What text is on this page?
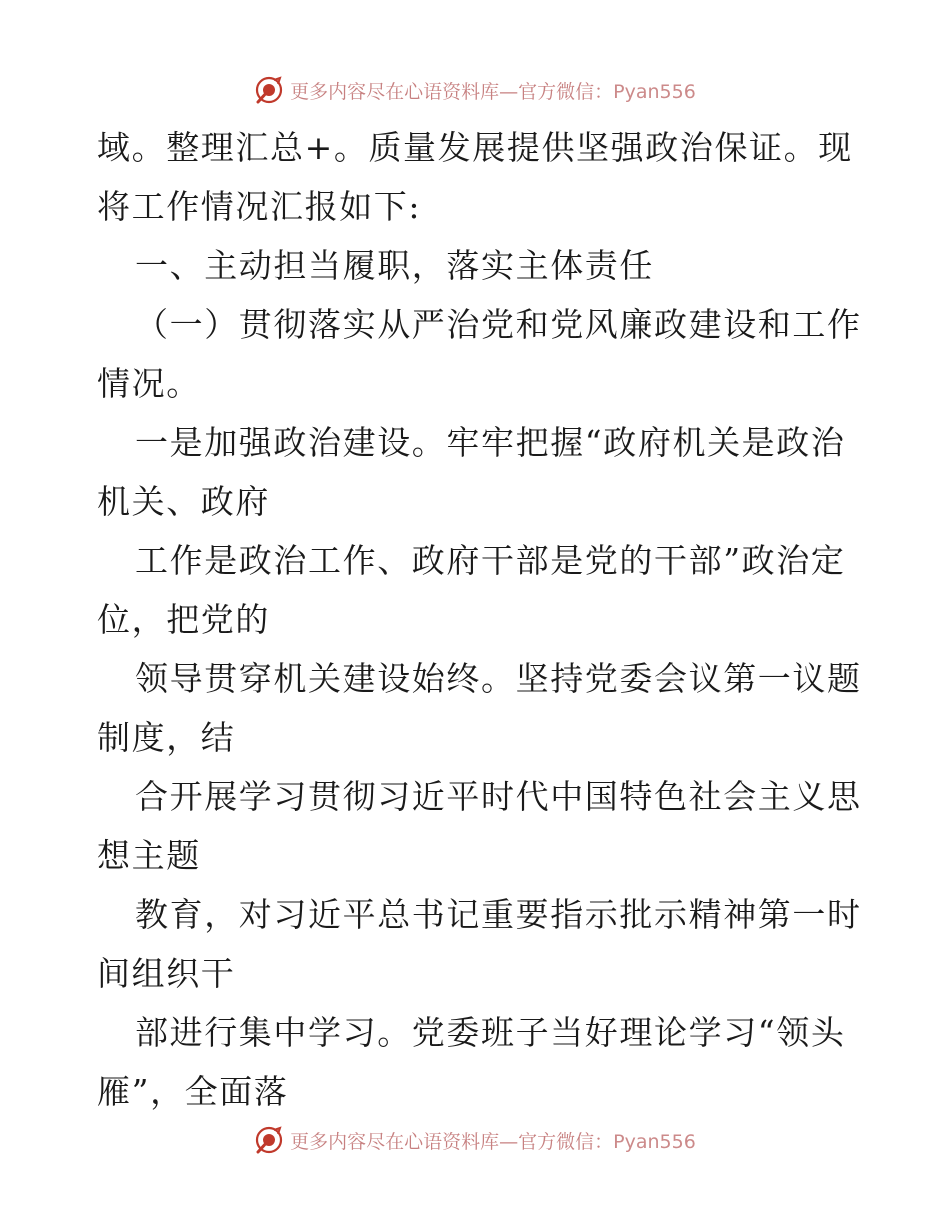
更多内容尽在心语资料库—官方微信：Pyan556
域。整理汇总+。质量发展提供坚强政治保证。现
将工作情况汇报如下:
一、主动担当履职，落实主体责任
（一）贯彻落实从严治党和党风廉政建设和工作
情况。
一是加强政治建设。牢牢把握“政府机关是政治
机关、政府
工作是政治工作、政府干部是党的干部”政治定
位，把党的
领导贯穿机关建设始终。坚持党委会议第一议题
制度，结
合开展学习贯彻习近平时代中国特色社会主义思
想主题
教育，对习近平总书记重要指示批示精神第一时
间组织干
部进行集中学习。党委班子当好理论学习“领头
雁”，全面落
更多内容尽在心语资料库—官方微信：Pyan556
